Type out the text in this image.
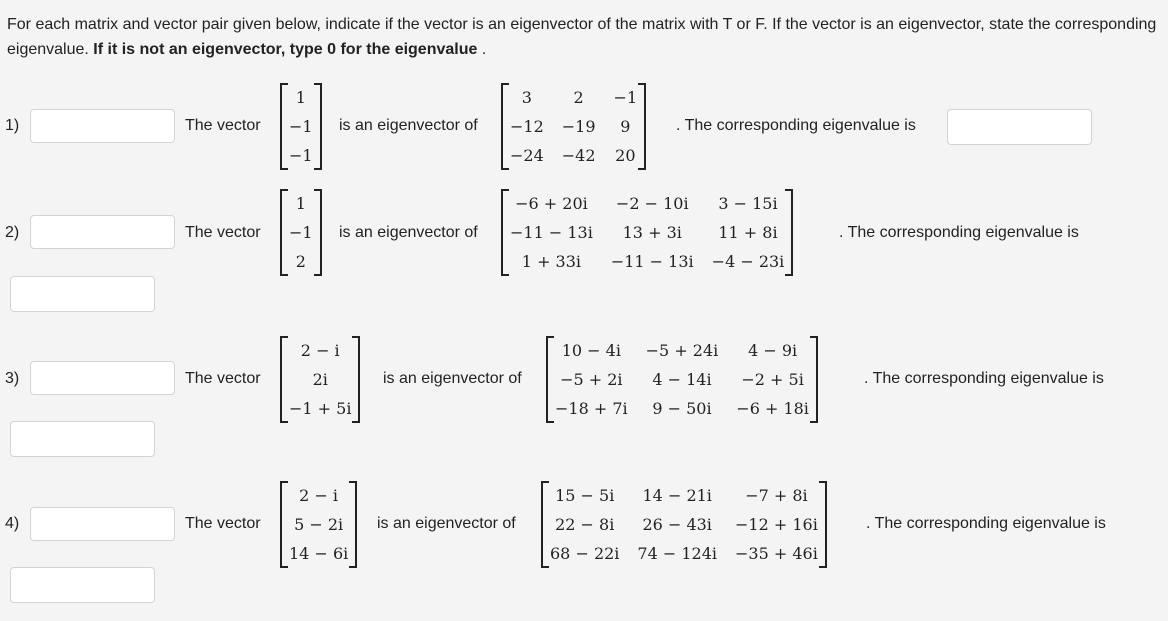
For each matrix and vector pair given below, indicate if the vector is an eigenvector of the matrix with T or F. If the vector is an eigenvector, state the corresponding eigenvalue. If it is not an eigenvector, type 0 for the eigenvalue .
1)	The vector
1
−1
−1
is an eigenvector of
3	2	−1
−12	−19	9
−24	−42	20
. The corresponding eigenvalue is
2)	The vector
1
−1
2
is an eigenvector of
−6 + 20i	−2 − 10i	3 − 15i
−11 − 13i	13 + 3i	11 + 8i
1 + 33i	−11 − 13i	−4 − 23i
. The corresponding eigenvalue is
3)	The vector
2 − i
2i
−1 + 5i
is an eigenvector of
10 − 4i	−5 + 24i	4 − 9i
−5 + 2i	4 − 14i	−2 + 5i
−18 + 7i	9 − 50i	−6 + 18i
. The corresponding eigenvalue is
4)	The vector
2 − i
5 − 2i
14 − 6i
is an eigenvector of
15 − 5i	14 − 21i	−7 + 8i
22 − 8i	26 − 43i	−12 + 16i
68 − 22i	74 − 124i	−35 + 46i
. The corresponding eigenvalue is
